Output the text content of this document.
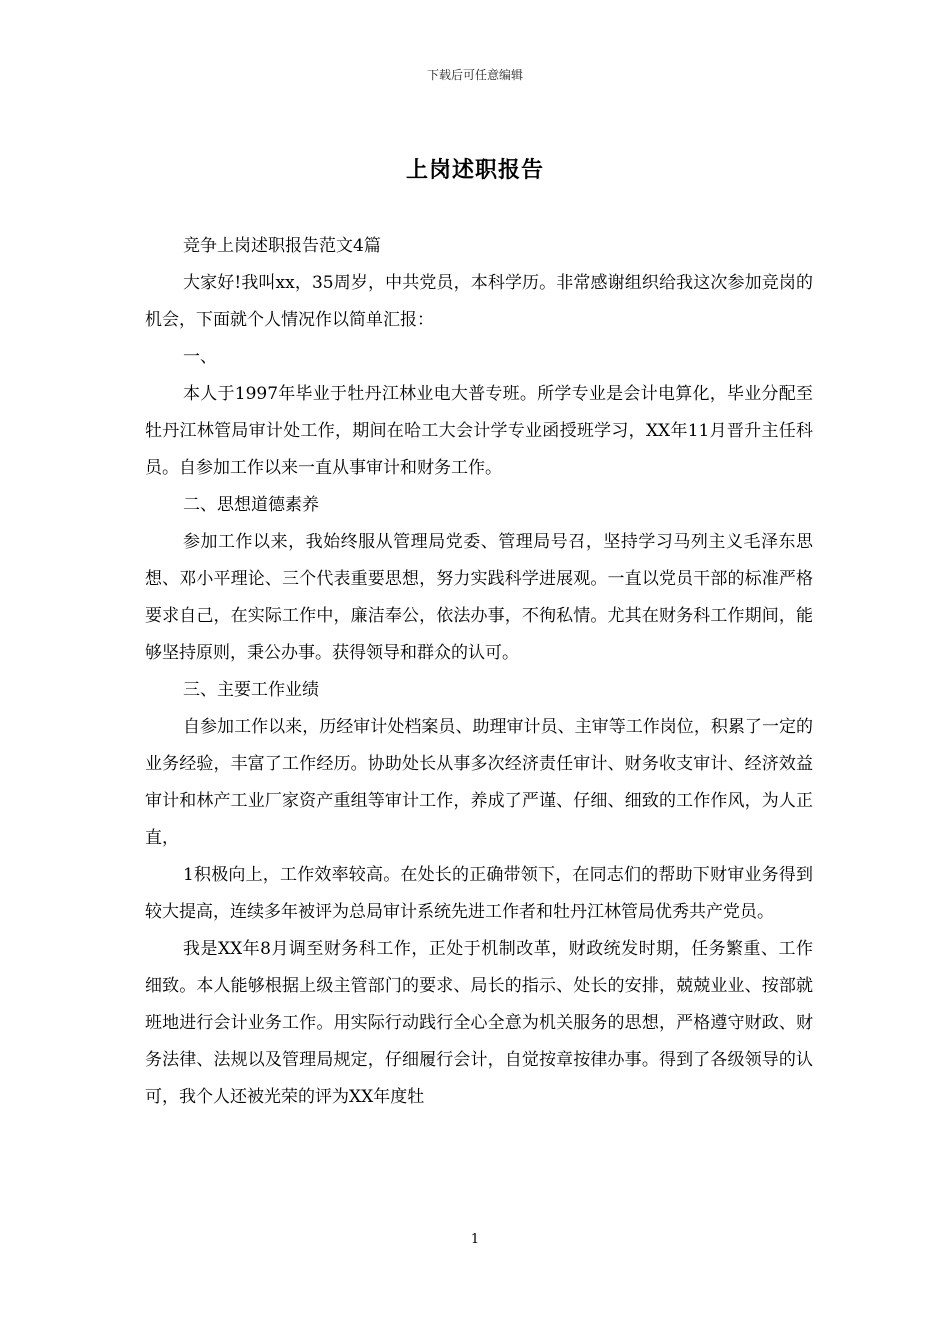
下载后可任意编辑
上岗述职报告

竞争上岗述职报告范文4篇

大家好!我叫xx，35周岁，中共党员，本科学历。非常感谢组织给我这次参加竞岗的机会，下面就个人情况作以简单汇报：

一、

本人于1997年毕业于牡丹江林业电大普专班。所学专业是会计电算化，毕业分配至牡丹江林管局审计处工作，期间在哈工大会计学专业函授班学习，XX年11月晋升主任科员。自参加工作以来一直从事审计和财务工作。

二、思想道德素养

参加工作以来，我始终服从管理局党委、管理局号召，坚持学习马列主义毛泽东思想、邓小平理论、三个代表重要思想，努力实践科学进展观。一直以党员干部的标准严格要求自己，在实际工作中，廉洁奉公，依法办事，不徇私情。尤其在财务科工作期间，能够坚持原则，秉公办事。获得领导和群众的认可。

三、主要工作业绩

自参加工作以来，历经审计处档案员、助理审计员、主审等工作岗位，积累了一定的业务经验，丰富了工作经历。协助处长从事多次经济责任审计、财务收支审计、经济效益审计和林产工业厂家资产重组等审计工作，养成了严谨、仔细、细致的工作作风，为人正直，

1积极向上，工作效率较高。在处长的正确带领下，在同志们的帮助下财审业务得到较大提高，连续多年被评为总局审计系统先进工作者和牡丹江林管局优秀共产党员。

我是XX年8月调至财务科工作，正处于机制改革，财政统发时期，任务繁重、工作细致。本人能够根据上级主管部门的要求、局长的指示、处长的安排，兢兢业业、按部就班地进行会计业务工作。用实际行动践行全心全意为机关服务的思想，严格遵守财政、财务法律、法规以及管理局规定，仔细履行会计，自觉按章按律办事。得到了各级领导的认可，我个人还被光荣的评为XX年度牡

1
